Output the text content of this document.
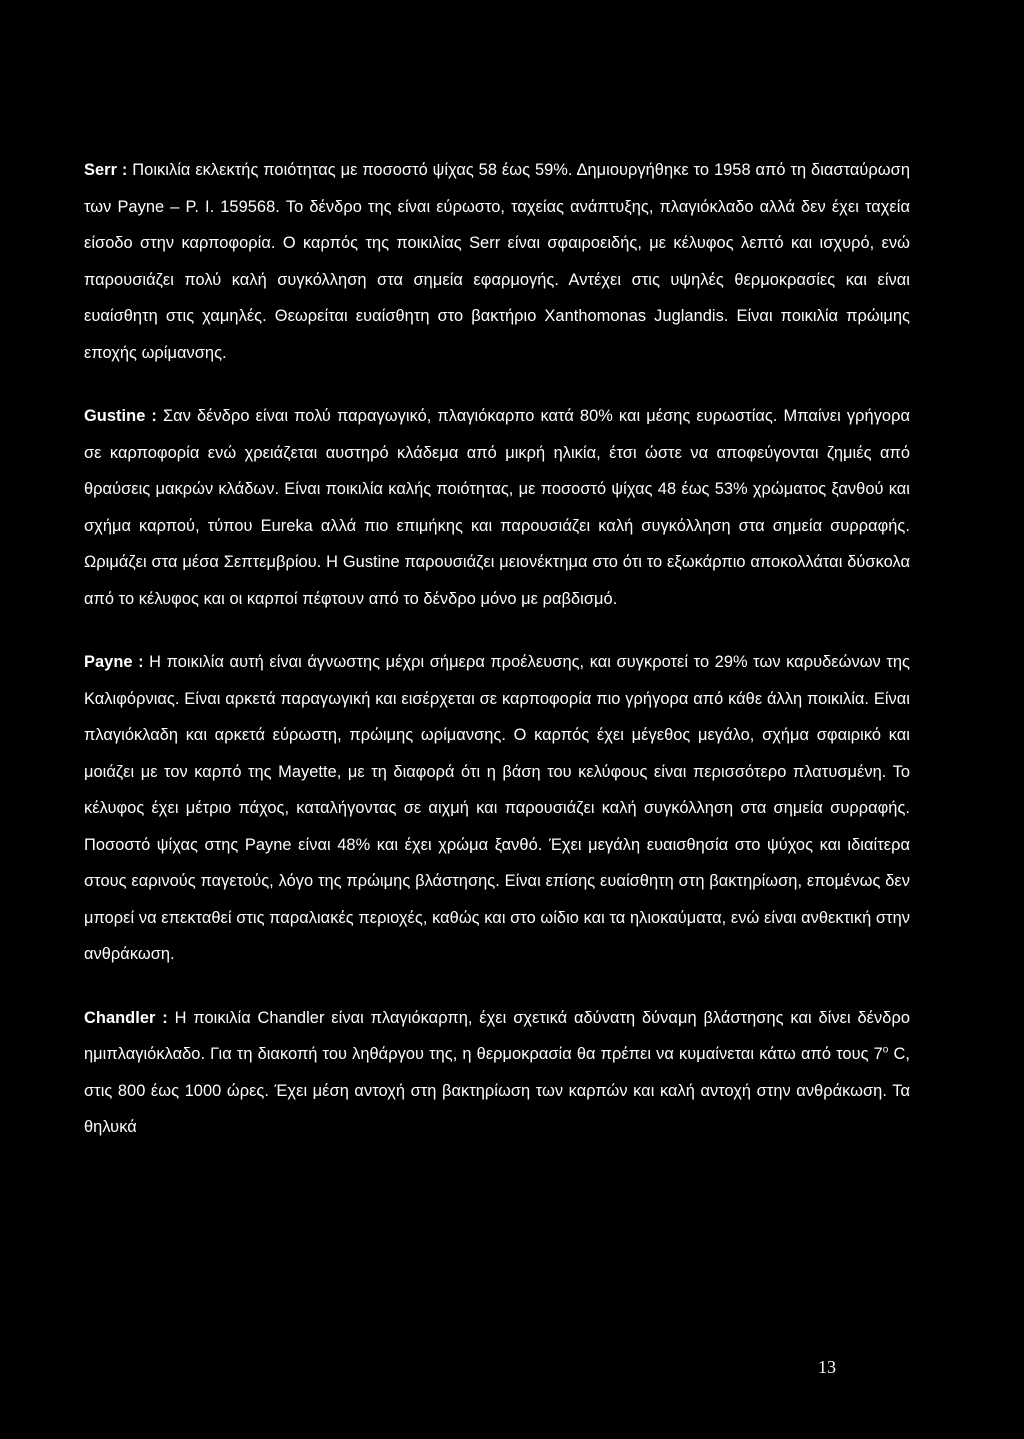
Serr : Ποικιλία εκλεκτής ποιότητας με ποσοστό ψίχας 58 έως 59%. Δημιουργήθηκε το 1958 από τη διασταύρωση των Payne – P. I. 159568. Το δένδρο της είναι εύρωστο, ταχείας ανάπτυξης, πλαγιόκλαδο αλλά δεν έχει ταχεία είσοδο στην καρποφορία. Ο καρπός της ποικιλίας Serr είναι σφαιροειδής, με κέλυφος λεπτό και ισχυρό, ενώ παρουσιάζει πολύ καλή συγκόλληση στα σημεία εφαρμογής. Αντέχει στις υψηλές θερμοκρασίες και είναι ευαίσθητη στις χαμηλές. Θεωρείται ευαίσθητη στο βακτήριο Xanthomonas Juglandis. Είναι ποικιλία πρώιμης εποχής ωρίμανσης.

Gustine : Σαν δένδρο είναι πολύ παραγωγικό, πλαγιόκαρπο κατά 80% και μέσης ευρωστίας. Μπαίνει γρήγορα σε καρποφορία ενώ χρειάζεται αυστηρό κλάδεμα από μικρή ηλικία, έτσι ώστε να αποφεύγονται ζημιές από θραύσεις μακρών κλάδων. Είναι ποικιλία καλής ποιότητας, με ποσοστό ψίχας 48 έως 53% χρώματος ξανθού και σχήμα καρπού, τύπου Eureka αλλά πιο επιμήκης και παρουσιάζει καλή συγκόλληση στα σημεία συρραφής. Ωριμάζει στα μέσα Σεπτεμβρίου. Η Gustine παρουσιάζει μειονέκτημα στο ότι το εξωκάρπιο αποκολλάται δύσκολα από το κέλυφος και οι καρποί πέφτουν από το δένδρο μόνο με ραβδισμό.

Payne : Η ποικιλία αυτή είναι άγνωστης μέχρι σήμερα προέλευσης, και συγκροτεί το 29% των καρυδεώνων της Καλιφόρνιας. Είναι αρκετά παραγωγική και εισέρχεται σε καρποφορία πιο γρήγορα από κάθε άλλη ποικιλία. Είναι πλαγιόκλαδη και αρκετά εύρωστη, πρώιμης ωρίμανσης. Ο καρπός έχει μέγεθος μεγάλο, σχήμα σφαιρικό και μοιάζει με τον καρπό της Mayette, με τη διαφορά ότι η βάση του κελύφους είναι περισσότερο πλατυσμένη. Το κέλυφος έχει μέτριο πάχος, καταλήγοντας σε αιχμή και παρουσιάζει καλή συγκόλληση στα σημεία συρραφής. Ποσοστό ψίχας στης Payne είναι 48% και έχει χρώμα ξανθό. Έχει μεγάλη ευαισθησία στο ψύχος και ιδιαίτερα στους εαρινούς παγετούς, λόγο της πρώιμης βλάστησης. Είναι επίσης ευαίσθητη στη βακτηρίωση, επομένως δεν μπορεί να επεκταθεί στις παραλιακές περιοχές, καθώς και στο ωίδιο και τα ηλιοκαύματα, ενώ είναι ανθεκτική στην ανθράκωση.

Chandler : Η ποικιλία Chandler είναι πλαγιόκαρπη, έχει σχετικά αδύνατη δύναμη βλάστησης και δίνει δένδρο ημιπλαγιόκλαδο. Για τη διακοπή του ληθάργου της, η θερμοκρασία θα πρέπει να κυμαίνεται κάτω από τους 7$^o$ C, στις 800 έως 1000 ώρες. Έχει μέση αντοχή στη βακτηρίωση των καρπών και καλή αντοχή στην ανθράκωση. Τα θηλυκά

13
